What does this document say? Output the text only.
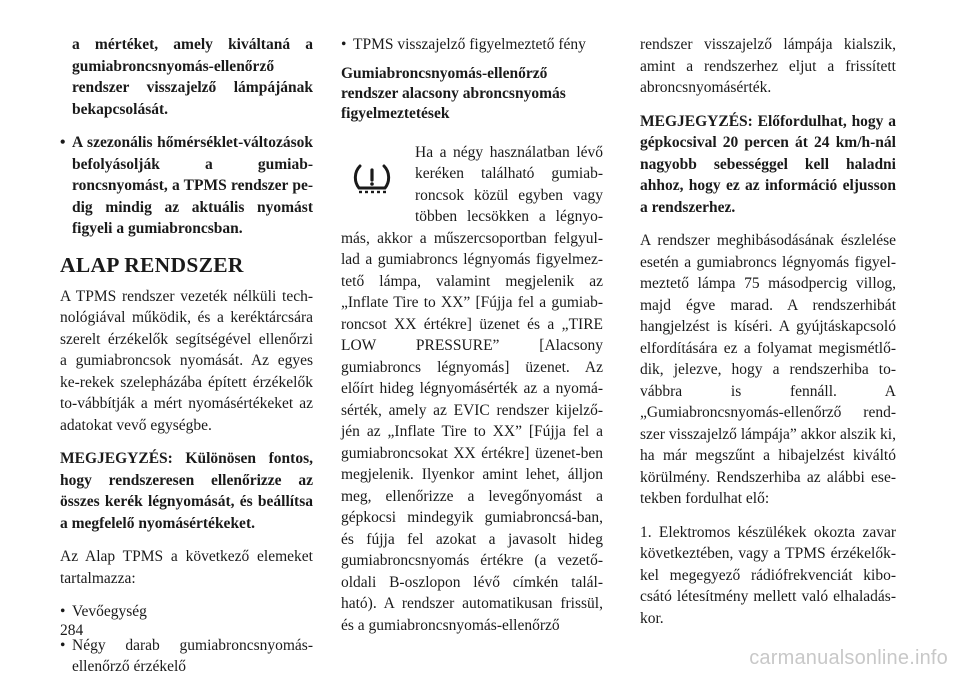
a mértéket, amely kiváltaná a gumiabroncsnyomás-ellenőrző rendszer visszajelző lámpájának bekapcsolását.

• A szezonális hőmérséklet-változások befolyásolják a gumiab-roncsnyomást, a TPMS rendszer pe-dig mindig az aktuális nyomást figyeli a gumiabroncsban.
ALAP RENDSZER

A TPMS rendszer vezeték nélküli tech-nológiával működik, és a keréktárcsára szerelt érzékelők segítségével ellenőrzi a gumiabroncsok nyomását. Az egyes ke-rekek szelepházába épített érzékelők to-vábbítják a mért nyomásértékeket az adatokat vevő egységbe.

MEGJEGYZÉS: Különösen fontos, hogy rendszeresen ellenőrizze az összes kerék légnyomását, és beállítsa a megfelelő nyomásértékeket.

Az Alap TPMS a következő elemeket tartalmazza:

• Vevőegység
• Négy darab gumiabroncsnyomás-ellenőrző érzékelő
• TPMS visszajelző figyelmeztető fény

Gumiabroncsnyomás-ellenőrző rendszer alacsony abroncsnyomás figyelmeztetések

Ha a négy használatban lévő keréken található gumiab-roncsok közül egyben vagy többen lecsökken a légnyo-más, akkor a műszercsoportban felgyul-lad a gumiabroncs légnyomás figyelmez-tető lámpa, valamint megjelenik az „Inflate Tire to XX” [Fújja fel a gumiab-roncsot XX értékre] üzenet és a „TIRE LOW PRESSURE” [Alacsony gumiabroncs légnyomás] üzenet. Az előírt hideg légnyomásérték az a nyomá-sérték, amely az EVIC rendszer kijelző-jén az „Inflate Tire to XX” [Fújja fel a gumiabroncsokat XX értékre] üzenet-ben megjelenik. Ilyenkor amint lehet, álljon meg, ellenőrizze a levegőnyomást a gépkocsi mindegyik gumiabroncsá-ban, és fújja fel azokat a javasolt hideg gumiabroncsnyomás értékre (a vezető-oldali B-oszlopon lévő címkén talál-ható). A rendszer automatikusan frissül, és a gumiabroncsnyomás-ellenőrző

rendszer visszajelző lámpája kialszik, amint a rendszerhez eljut a frissített abroncsnyomásérték.

MEGJEGYZÉS: Előfordulhat, hogy a gépkocsival 20 percen át 24 km/h-nál nagyobb sebességgel kell haladni ahhoz, hogy ez az információ eljusson a rendszerhez.

A rendszer meghibásodásának észlelése esetén a gumiabroncs légnyomás figyel-meztető lámpa 75 másodpercig villog, majd égve marad. A rendszerhibát hangjelzést is kíséri. A gyújtáskapcsoló elfordítására ez a folyamat megismétlő-dik, jelezve, hogy a rendszerhiba to-vábbra is fennáll. A „Gumiabroncsnyomás-ellenőrző rend-szer visszajelző lámpája” akkor alszik ki, ha már megszűnt a hibajelzést kiváltó körülmény. Rendszerhiba az alábbi ese-tekben fordulhat elő:

1. Elektromos készülékek okozta zavar következtében, vagy a TPMS érzékelők-kel megegyező rádiófrekvenciát kibo-csátó létesítmény mellett való elhaladás-kor.

284
carmanualsonline.info
